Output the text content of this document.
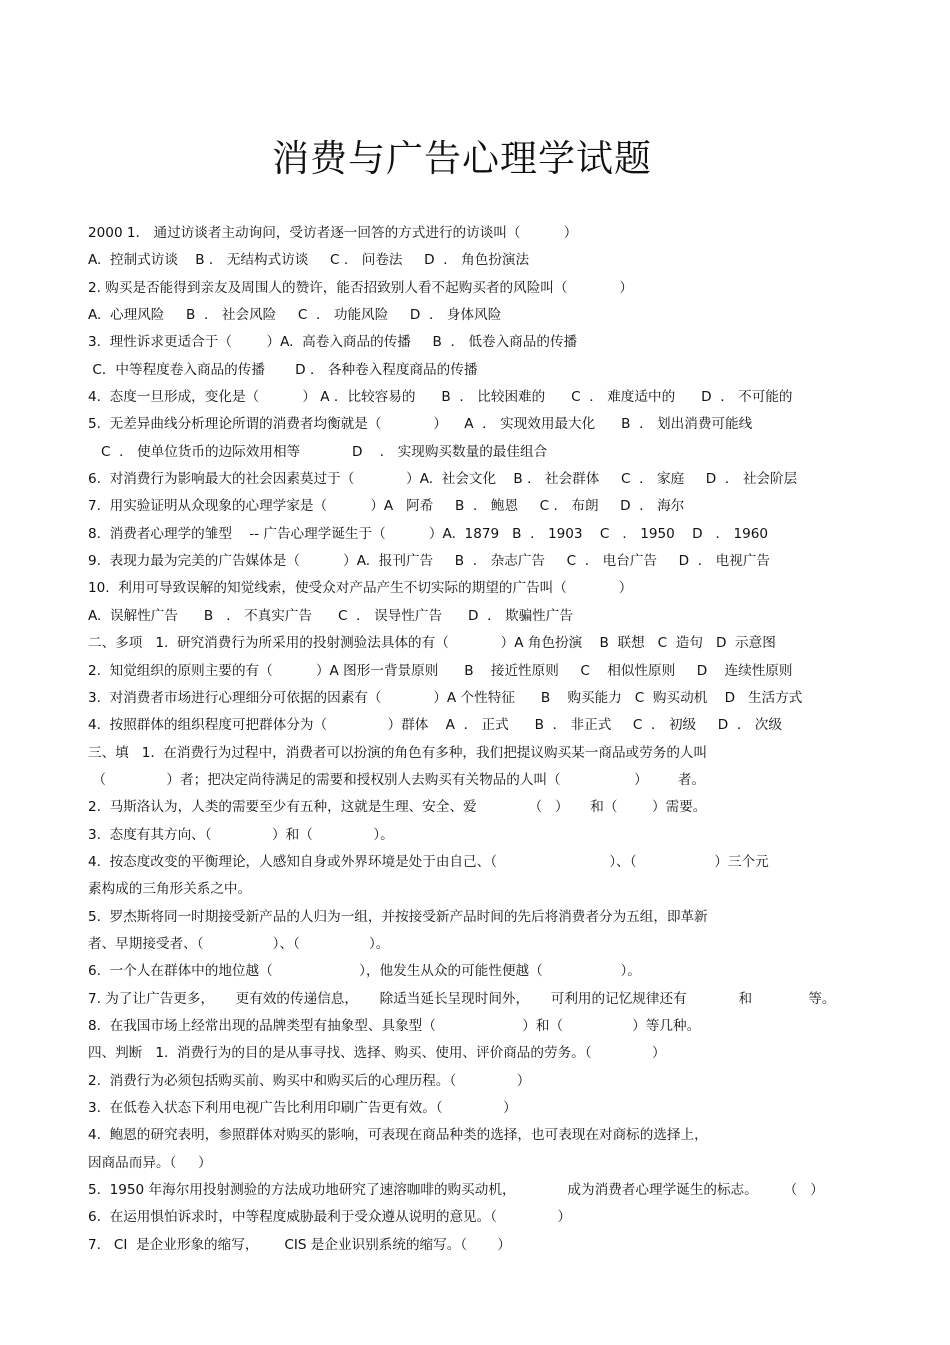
消费与广告心理学试题
2000 1． 通过访谈者主动询问，受访者逐一回答的方式进行的访谈叫（          ）
A.  控制式访谈    B ． 无结构式访谈     C ． 问卷法     D  ． 角色扮演法
2. 购买是否能得到亲友及周围人的赞许，能否招致别人看不起购买者的风险叫（            ）
A.  心理风险     B  ． 社会风险     C  ． 功能风险     D  ． 身体风险
3.  理性诉求更适合于（        ）A.  高卷入商品的传播     B  ． 低卷入商品的传播
C．中等程度卷入商品的传播       D ． 各种卷入程度商品的传播
4.  态度一旦形成，变化是（          ） A ．比较容易的      B  ． 比较困难的      C  ． 难度适中的      D  ． 不可能的
5.  无差异曲线分析理论所谓的消费者均衡就是（            ）    A  ． 实现效用最大化      B  ． 划出消费可能线
C  ． 使单位货币的边际效用相等            D    ． 实现购买数量的最佳组合
6.  对消费行为影响最大的社会因素莫过于（            ）A.  社会文化    B ． 社会群体     C  ． 家庭     D  ． 社会阶层
7.  用实验证明从众现象的心理学家是（          ）A   阿希     B  ． 鲍恩     C ． 布朗     D  ． 海尔
8.  消费者心理学的雏型    -- 广告心理学诞生于（          ）A.  1879   B  ． 1903    C   ． 1950    D   ． 1960
9.  表现力最为完美的广告媒体是（          ）A.  报刊广告     B  ． 杂志广告     C  ． 电台广告     D  ． 电视广告
10.  利用可导致误解的知觉线索，使受众对产品产生不切实际的期望的广告叫（            ）
A.  误解性广告      B   ． 不真实广告      C  ． 误导性广告      D  ． 欺骗性广告
二、多项   1.  研究消费行为所采用的投射测验法具体的有（            ）A 角色扮演    B  联想   C  造句   D  示意图
2.  知觉组织的原则主要的有（          ）A 图形一背景原则      B    接近性原则     C    相似性原则     D    连续性原则
3.  对消费者市场进行心理细分可依据的因素有（            ）A 个性特征      B    购买能力   C  购买动机    D   生活方式
4.  按照群体的组织程度可把群体分为（              ）群体    A  ． 正式      B  ． 非正式     C  ． 初级     D  ． 次级
三、填   1.  在消费行为过程中，消费者可以扮演的角色有多种，我们把提议购买某一商品或劳务的人叫
（              ）者；把决定尚待满足的需要和授权别人去购买有关物品的人叫（                 ）       者。
2.  马斯洛认为，人类的需要至少有五种，这就是生理、安全、爱            （   ）     和（        ）需要。
3.  态度有其方向、（              ）和（              ）。
4.  按态度改变的平衡理论，人感知自身或外界环境是处于由自己、（                          ）、（                  ）三个元
素构成的三角形关系之中。
5.  罗杰斯将同一时期接受新产品的人归为一组，并按接受新产品时间的先后将消费者分为五组，即革新
者、早期接受者、（                ）、（                ）。
6.  一个人在群体中的地位越（                    ），他发生从众的可能性便越（                  ）。
7. 为了让广告更多，     更有效的传递信息，     除适当延长呈现时间外，     可利用的记忆规律还有            和             等。
8.  在我国市场上经常出现的品牌类型有抽象型、具象型（                    ）和（                ）等几种。
四、判断   1.  消费行为的目的是从事寻找、选择、购买、使用、评价商品的劳务。（              ）
2.  消费行为必须包括购买前、购买中和购买后的心理历程。（              ）
3.  在低卷入状态下利用电视广告比利用印刷广告更有效。（              ）
4.  鲍恩的研究表明，参照群体对购买的影响，可表现在商品种类的选择，也可表现在对商标的选择上，
因商品而异。（     ）
5.  1950 年海尔用投射测验的方法成功地研究了速溶咖啡的购买动机，            成为消费者心理学诞生的标志。      （   ）
6.  在运用惧怕诉求时，中等程度威胁最利于受众遵从说明的意见。（              ）
7.   CI  是企业形象的缩写，      CIS 是企业识别系统的缩写。（       ）
